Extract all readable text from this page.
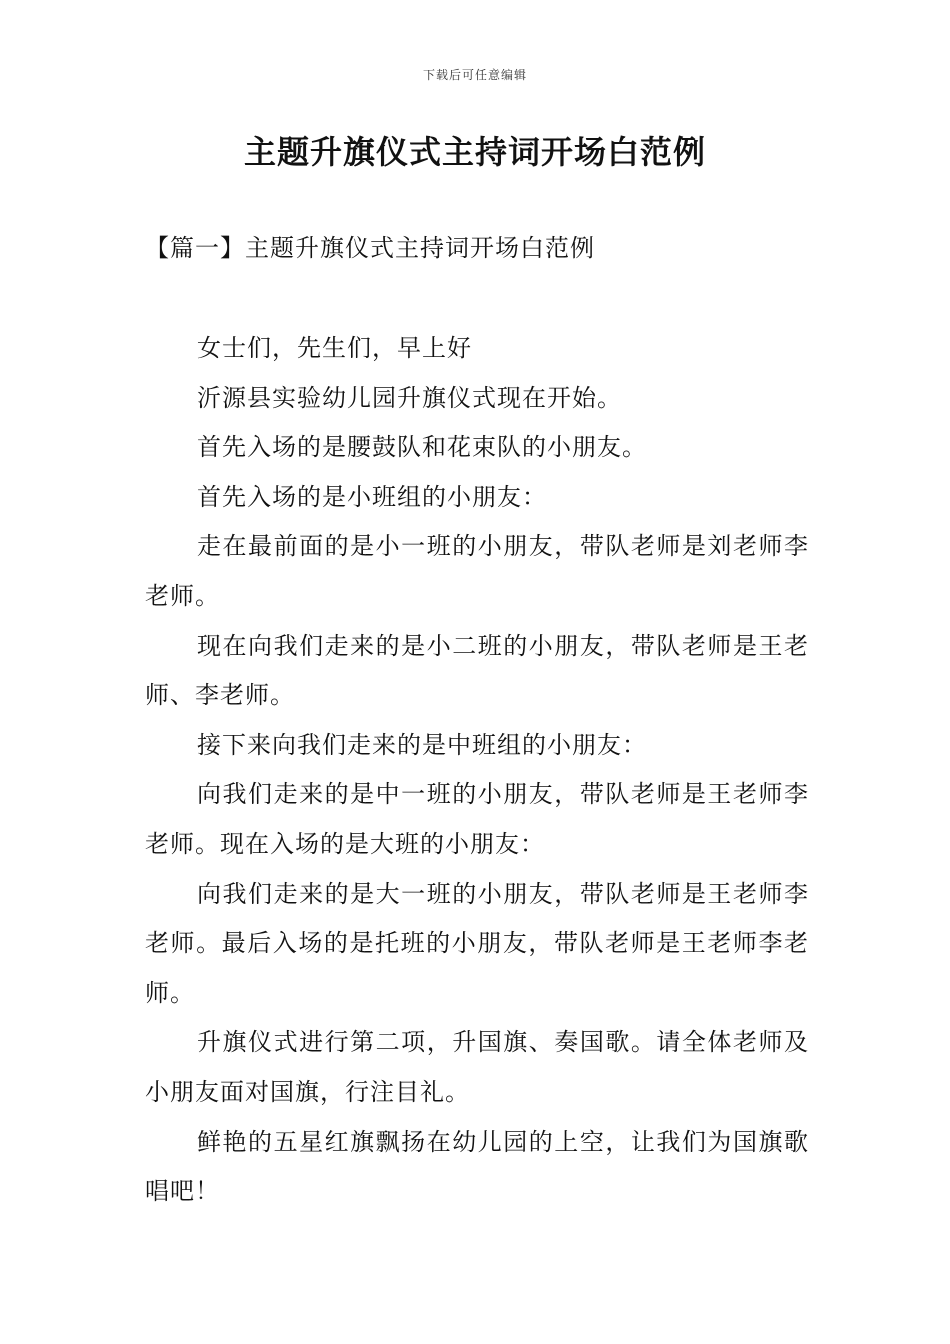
下载后可任意编辑
主题升旗仪式主持词开场白范例
【篇一】主题升旗仪式主持词开场白范例

女士们，先生们，早上好

沂源县实验幼儿园升旗仪式现在开始。

首先入场的是腰鼓队和花束队的小朋友。

首先入场的是小班组的小朋友：

走在最前面的是小一班的小朋友，带队老师是刘老师李老师。

现在向我们走来的是小二班的小朋友，带队老师是王老师、李老师。

接下来向我们走来的是中班组的小朋友：

向我们走来的是中一班的小朋友，带队老师是王老师李老师。现在入场的是大班的小朋友：

向我们走来的是大一班的小朋友，带队老师是王老师李老师。最后入场的是托班的小朋友，带队老师是王老师李老师。

升旗仪式进行第二项，升国旗、奏国歌。请全体老师及小朋友面对国旗，行注目礼。

鲜艳的五星红旗飘扬在幼儿园的上空，让我们为国旗歌唱吧！
